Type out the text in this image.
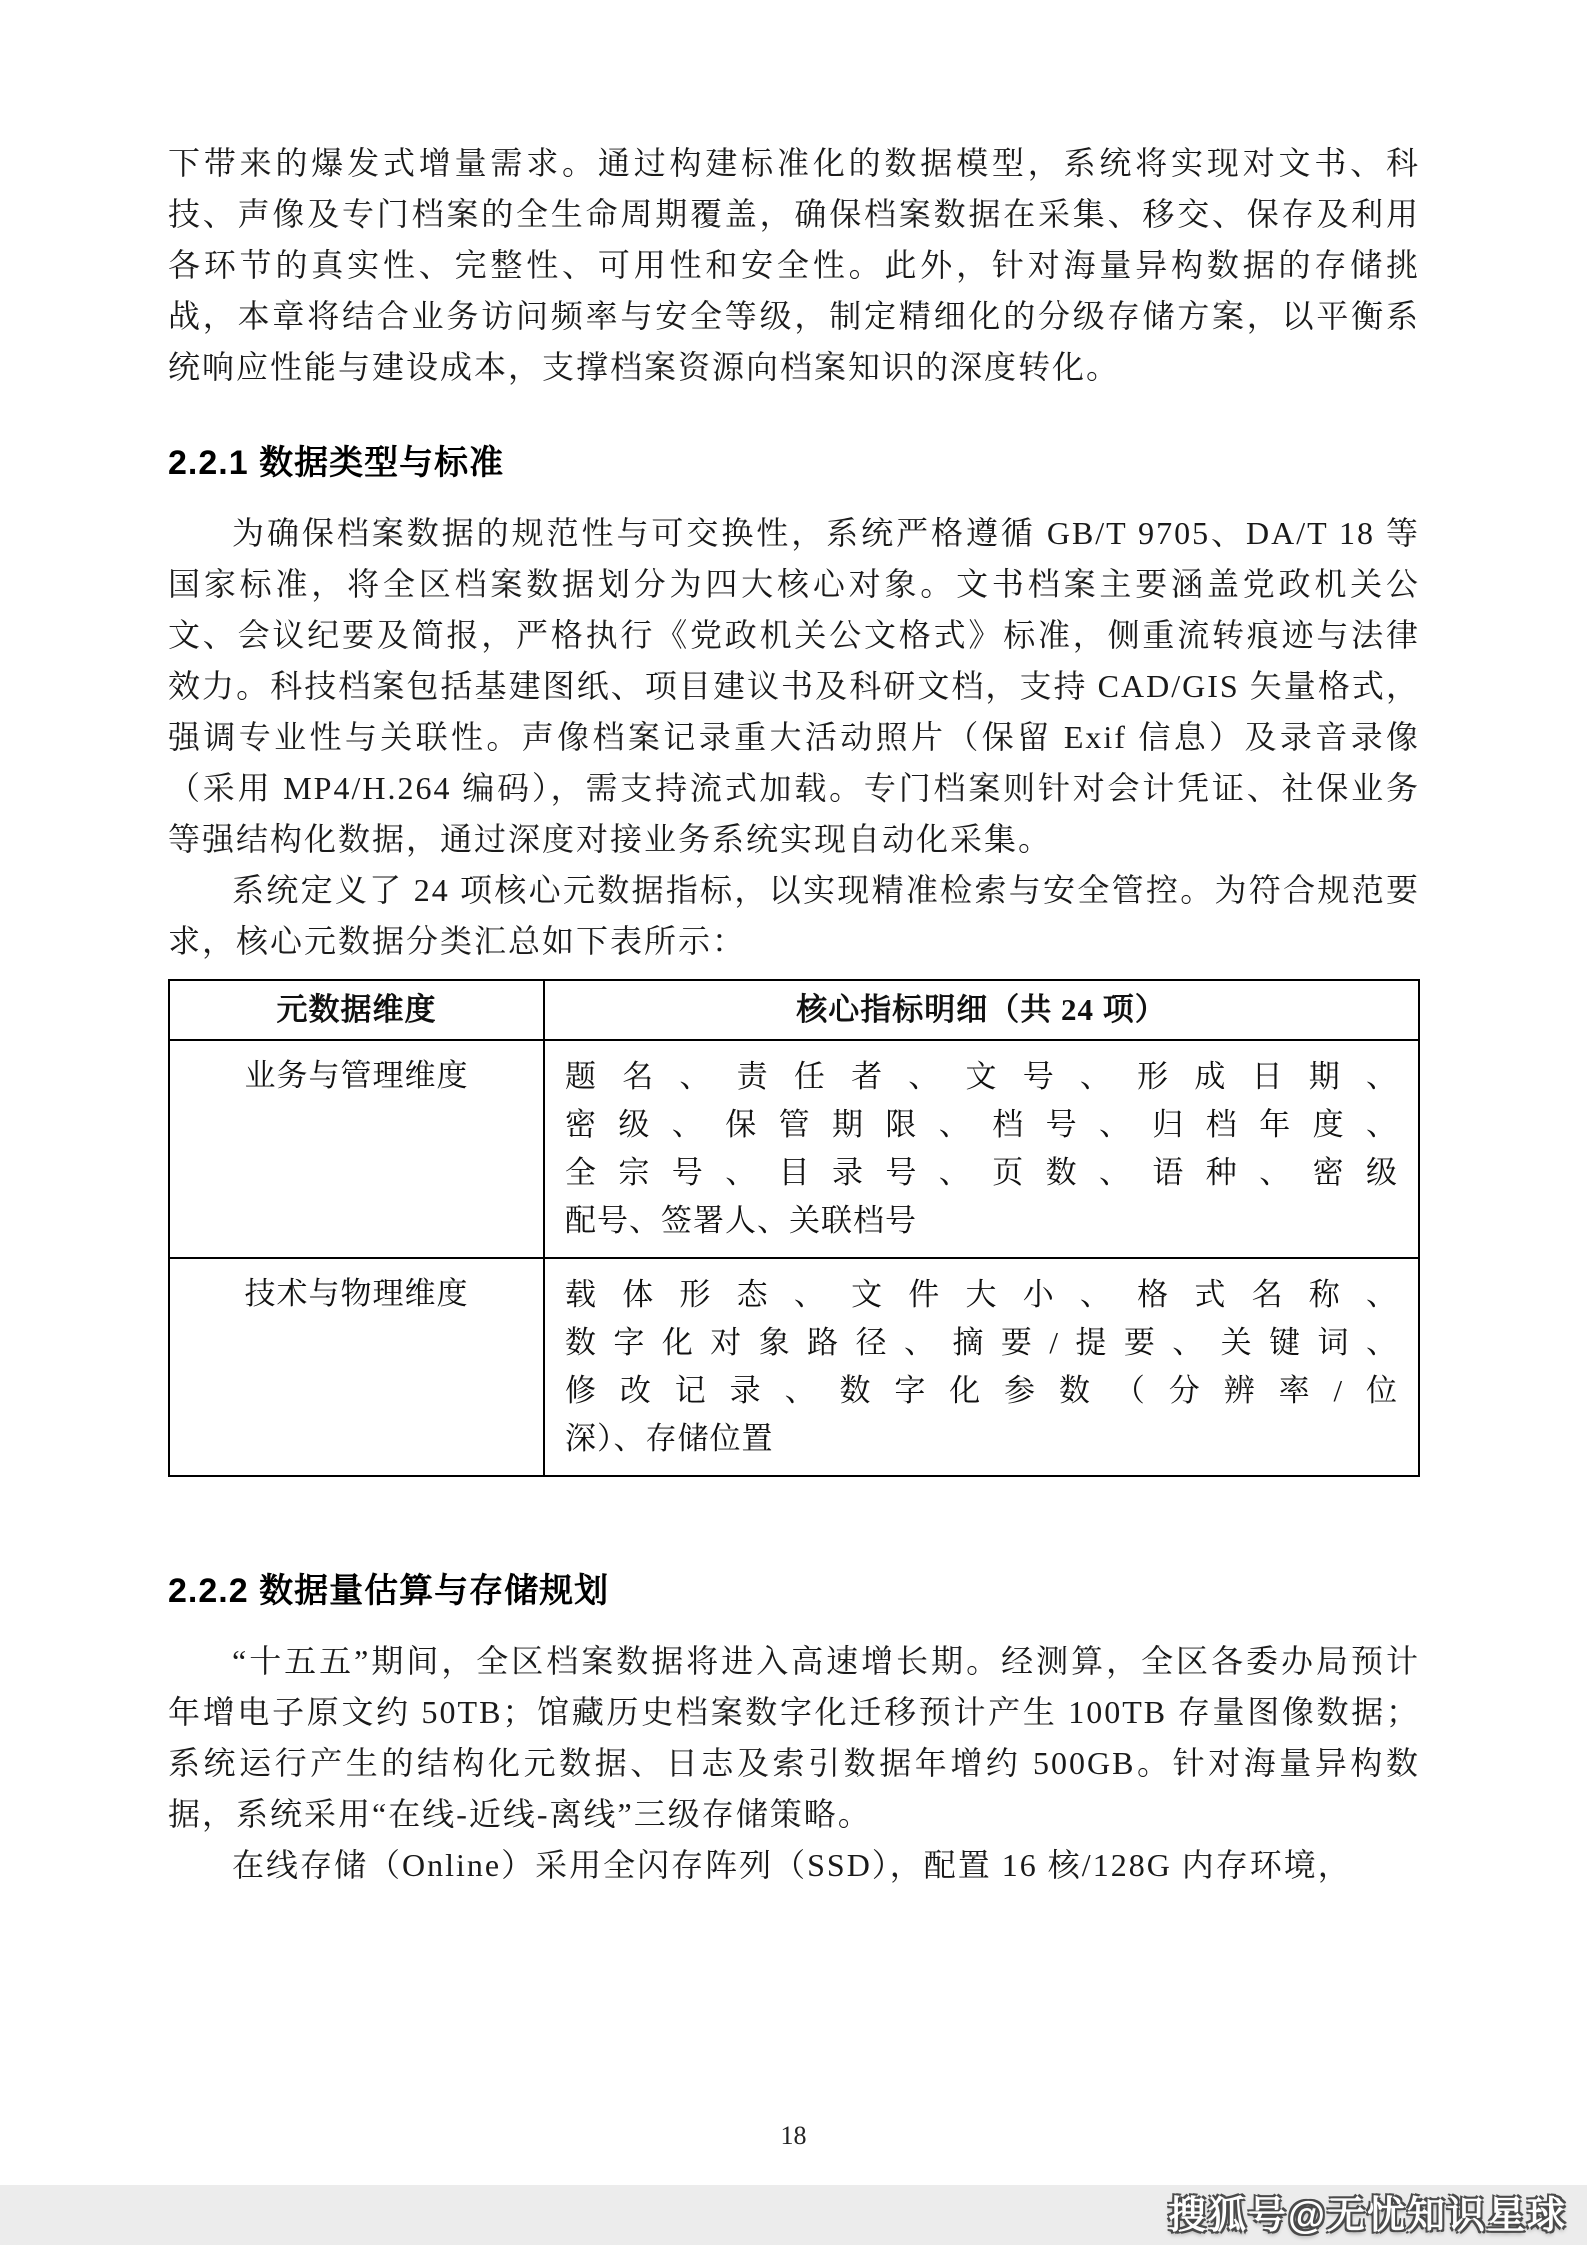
下带来的爆发式增量需求。通过构建标准化的数据模型，系统将实现对文书、科技、声像及专门档案的全生命周期覆盖，确保档案数据在采集、移交、保存及利用各环节的真实性、完整性、可用性和安全性。此外，针对海量异构数据的存储挑战，本章将结合业务访问频率与安全等级，制定精细化的分级存储方案，以平衡系统响应性能与建设成本，支撑档案资源向档案知识的深度转化。

2.2.1 数据类型与标准

为确保档案数据的规范性与可交换性，系统严格遵循 GB/T 9705、DA/T 18 等国家标准，将全区档案数据划分为四大核心对象。文书档案主要涵盖党政机关公文、会议纪要及简报，严格执行《党政机关公文格式》标准，侧重流转痕迹与法律效力。科技档案包括基建图纸、项目建议书及科研文档，支持 CAD/GIS 矢量格式，强调专业性与关联性。声像档案记录重大活动照片（保留 Exif 信息）及录音录像（采用 MP4/H.264 编码），需支持流式加载。专门档案则针对会计凭证、社保业务等强结构化数据，通过深度对接业务系统实现自动化采集。

系统定义了 24 项核心元数据指标，以实现精准检索与安全管控。为符合规范要求，核心元数据分类汇总如下表所示：

元数据维度	核心指标明细（共 24 项）
业务与管理维度	题名、责任者、文号、形成日期、
密级、保管期限、档号、归档年度、
全宗号、目录号、页数、语种、密级
配号、签署人、关联档号

技术与物理维度	载体形态、文件大小、格式名称、
数字化对象路径、摘要/提要、关键词、
修改记录、数字化参数（分辨率/位
深）、存储位置
2.2.2 数据量估算与存储规划

“十五五”期间，全区档案数据将进入高速增长期。经测算，全区各委办局预计年增电子原文约 50TB；馆藏历史档案数字化迁移预计产生 100TB 存量图像数据；系统运行产生的结构化元数据、日志及索引数据年增约 500GB。针对海量异构数据，系统采用“在线-近线-离线”三级存储策略。

在线存储（Online）采用全闪存阵列（SSD），配置 16 核/128G 内存环境，

18
搜狐号@无忧知识星球
